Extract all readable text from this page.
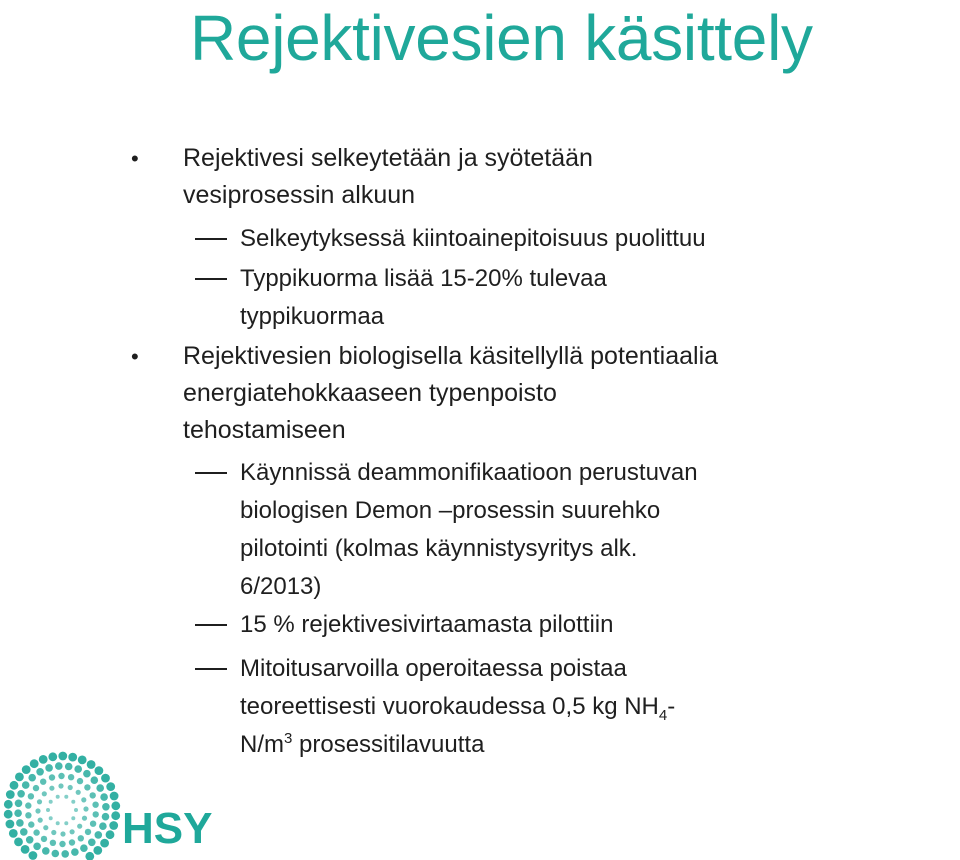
Rejektivesien käsittely
• Rejektivesi selkeytetään ja syötetään
vesiprosessin alkuun
Selkeytyksessä kiintoainepitoisuus puolittuu
Typpikuorma lisää 15-20% tulevaa
typpikuormaa
• Rejektivesien biologisella käsitellyllä potentiaalia
energiatehokkaaseen typenpoisto
tehostamiseen
Käynnissä deammonifikaatioon perustuvan
biologisen Demon –prosessin suurehko
pilotointi (kolmas käynnistysyritys alk.
6/2013)
15 % rejektivesivirtaamasta pilottiin
Mitoitusarvoilla operoitaessa poistaa
teoreettisesti vuorokaudessa 0,5 kg $NH_4-$
$N/m^3$ prosessitilavuutta
HSY
